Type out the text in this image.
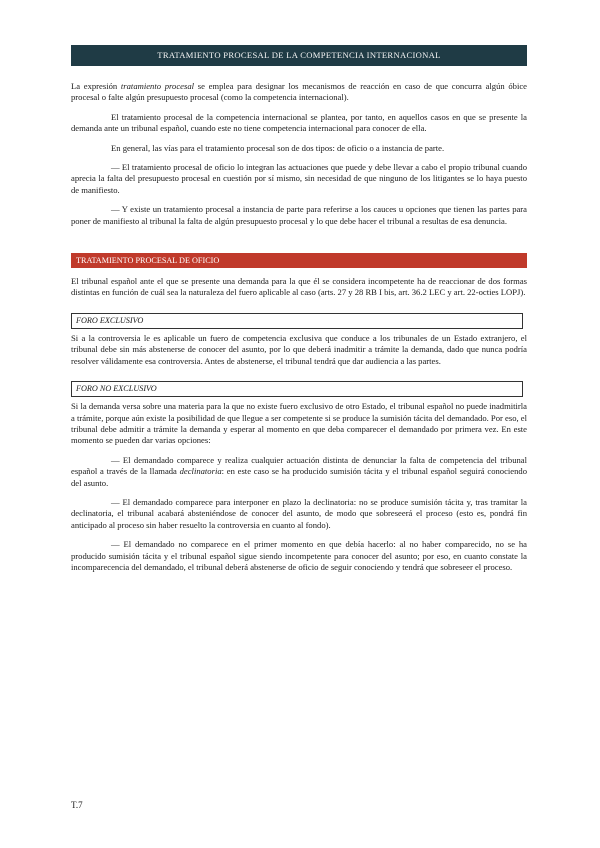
TRATAMIENTO PROCESAL DE LA COMPETENCIA INTERNACIONAL

La expresión tratamiento procesal se emplea para designar los mecanismos de reacción en caso de que concurra algún óbice procesal o falte algún presupuesto procesal (como la competencia internacional).

El tratamiento procesal de la competencia internacional se plantea, por tanto, en aquellos casos en que se presente la demanda ante un tribunal español, cuando este no tiene competencia internacional para conocer de ella.

En general, las vías para el tratamiento procesal son de dos tipos: de oficio o a instancia de parte.

— El tratamiento procesal de oficio lo integran las actuaciones que puede y debe llevar a cabo el propio tribunal cuando aprecia la falta del presupuesto procesal en cuestión por sí mismo, sin necesidad de que ninguno de los litigantes se lo haya puesto de manifiesto.

— Y existe un tratamiento procesal a instancia de parte para referirse a los cauces u opciones que tienen las partes para poner de manifiesto al tribunal la falta de algún presupuesto procesal y lo que debe hacer el tribunal a resultas de esa denuncia.

TRATAMIENTO PROCESAL DE OFICIO

El tribunal español ante el que se presente una demanda para la que él se considera incompetente ha de reaccionar de dos formas distintas en función de cuál sea la naturaleza del fuero aplicable al caso (arts. 27 y 28 RB I bis, art. 36.2 LEC y art. 22-octies LOPJ).

FORO EXCLUSIVO

Si a la controversia le es aplicable un fuero de competencia exclusiva que conduce a los tribunales de un Estado extranjero, el tribunal debe sin más abstenerse de conocer del asunto, por lo que deberá inadmitir a trámite la demanda, dado que nunca podría resolver válidamente esa controversia. Antes de abstenerse, el tribunal tendrá que dar audiencia a las partes.

FORO NO EXCLUSIVO

Si la demanda versa sobre una materia para la que no existe fuero exclusivo de otro Estado, el tribunal español no puede inadmitirla a trámite, porque aún existe la posibilidad de que llegue a ser competente si se produce la sumisión tácita del demandado. Por eso, el tribunal debe admitir a trámite la demanda y esperar al momento en que deba comparecer el demandado por primera vez. En este momento se pueden dar varias opciones:

— El demandado comparece y realiza cualquier actuación distinta de denunciar la falta de competencia del tribunal español a través de la llamada declinatoria: en este caso se ha producido sumisión tácita y el tribunal español seguirá conociendo del asunto.

— El demandado comparece para interponer en plazo la declinatoria: no se produce sumisión tácita y, tras tramitar la declinatoria, el tribunal acabará absteniéndose de conocer del asunto, de modo que sobreseerá el proceso (esto es, pondrá fin anticipado al proceso sin haber resuelto la controversia en cuanto al fondo).

— El demandado no comparece en el primer momento en que debía hacerlo: al no haber comparecido, no se ha producido sumisión tácita y el tribunal español sigue siendo incompetente para conocer del asunto; por eso, en cuanto constate la incomparecencia del demandado, el tribunal deberá abstenerse de oficio de seguir conociendo y tendrá que sobreseer el proceso.

T.7
